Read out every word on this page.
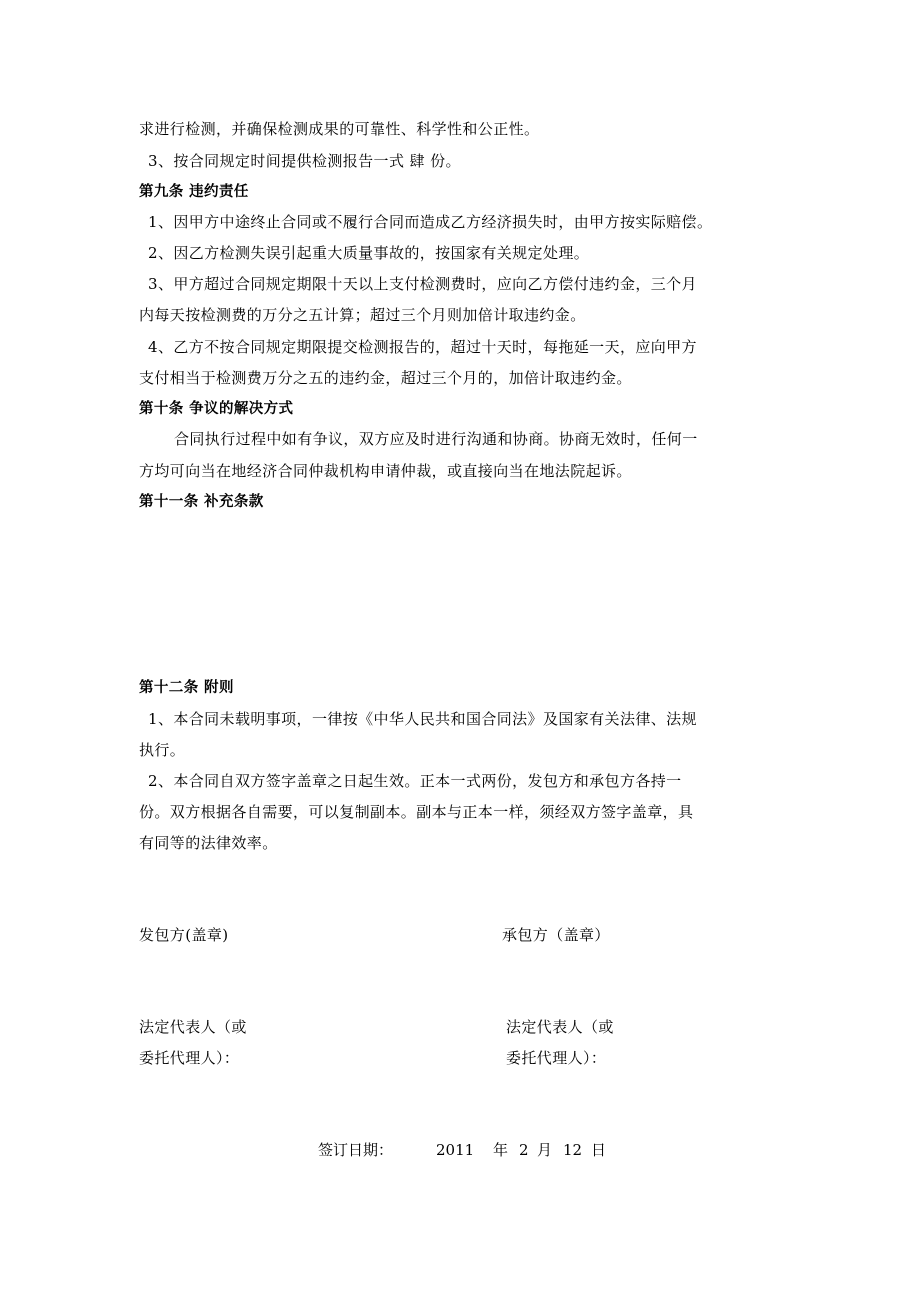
求进行检测，并确保检测成果的可靠性、科学性和公正性。
3、按合同规定时间提供检测报告一式 肆 份。
第九条 违约责任
1、因甲方中途终止合同或不履行合同而造成乙方经济损失时，由甲方按实际赔偿。
2、因乙方检测失误引起重大质量事故的，按国家有关规定处理。
3、甲方超过合同规定期限十天以上支付检测费时，应向乙方偿付违约金，三个月
内每天按检测费的万分之五计算；超过三个月则加倍计取违约金。
4、乙方不按合同规定期限提交检测报告的，超过十天时，每拖延一天，应向甲方
支付相当于检测费万分之五的违约金，超过三个月的，加倍计取违约金。
第十条 争议的解决方式
合同执行过程中如有争议，双方应及时进行沟通和协商。协商无效时，任何一
方均可向当在地经济合同仲裁机构申请仲裁，或直接向当在地法院起诉。
第十一条 补充条款
第十二条 附则
1、本合同未载明事项，一律按《中华人民共和国合同法》及国家有关法律、法规
执行。
2、本合同自双方签字盖章之日起生效。正本一式两份，发包方和承包方各持一
份。双方根据各自需要，可以复制副本。副本与正本一样，须经双方签字盖章，具
有同等的法律效率。
发包方(盖章)	承包方（盖章）
法定代表人（或
委托代理人）：
法定代表人（或
委托代理人）：
签订日期：	2011 年 2 月 12 日
